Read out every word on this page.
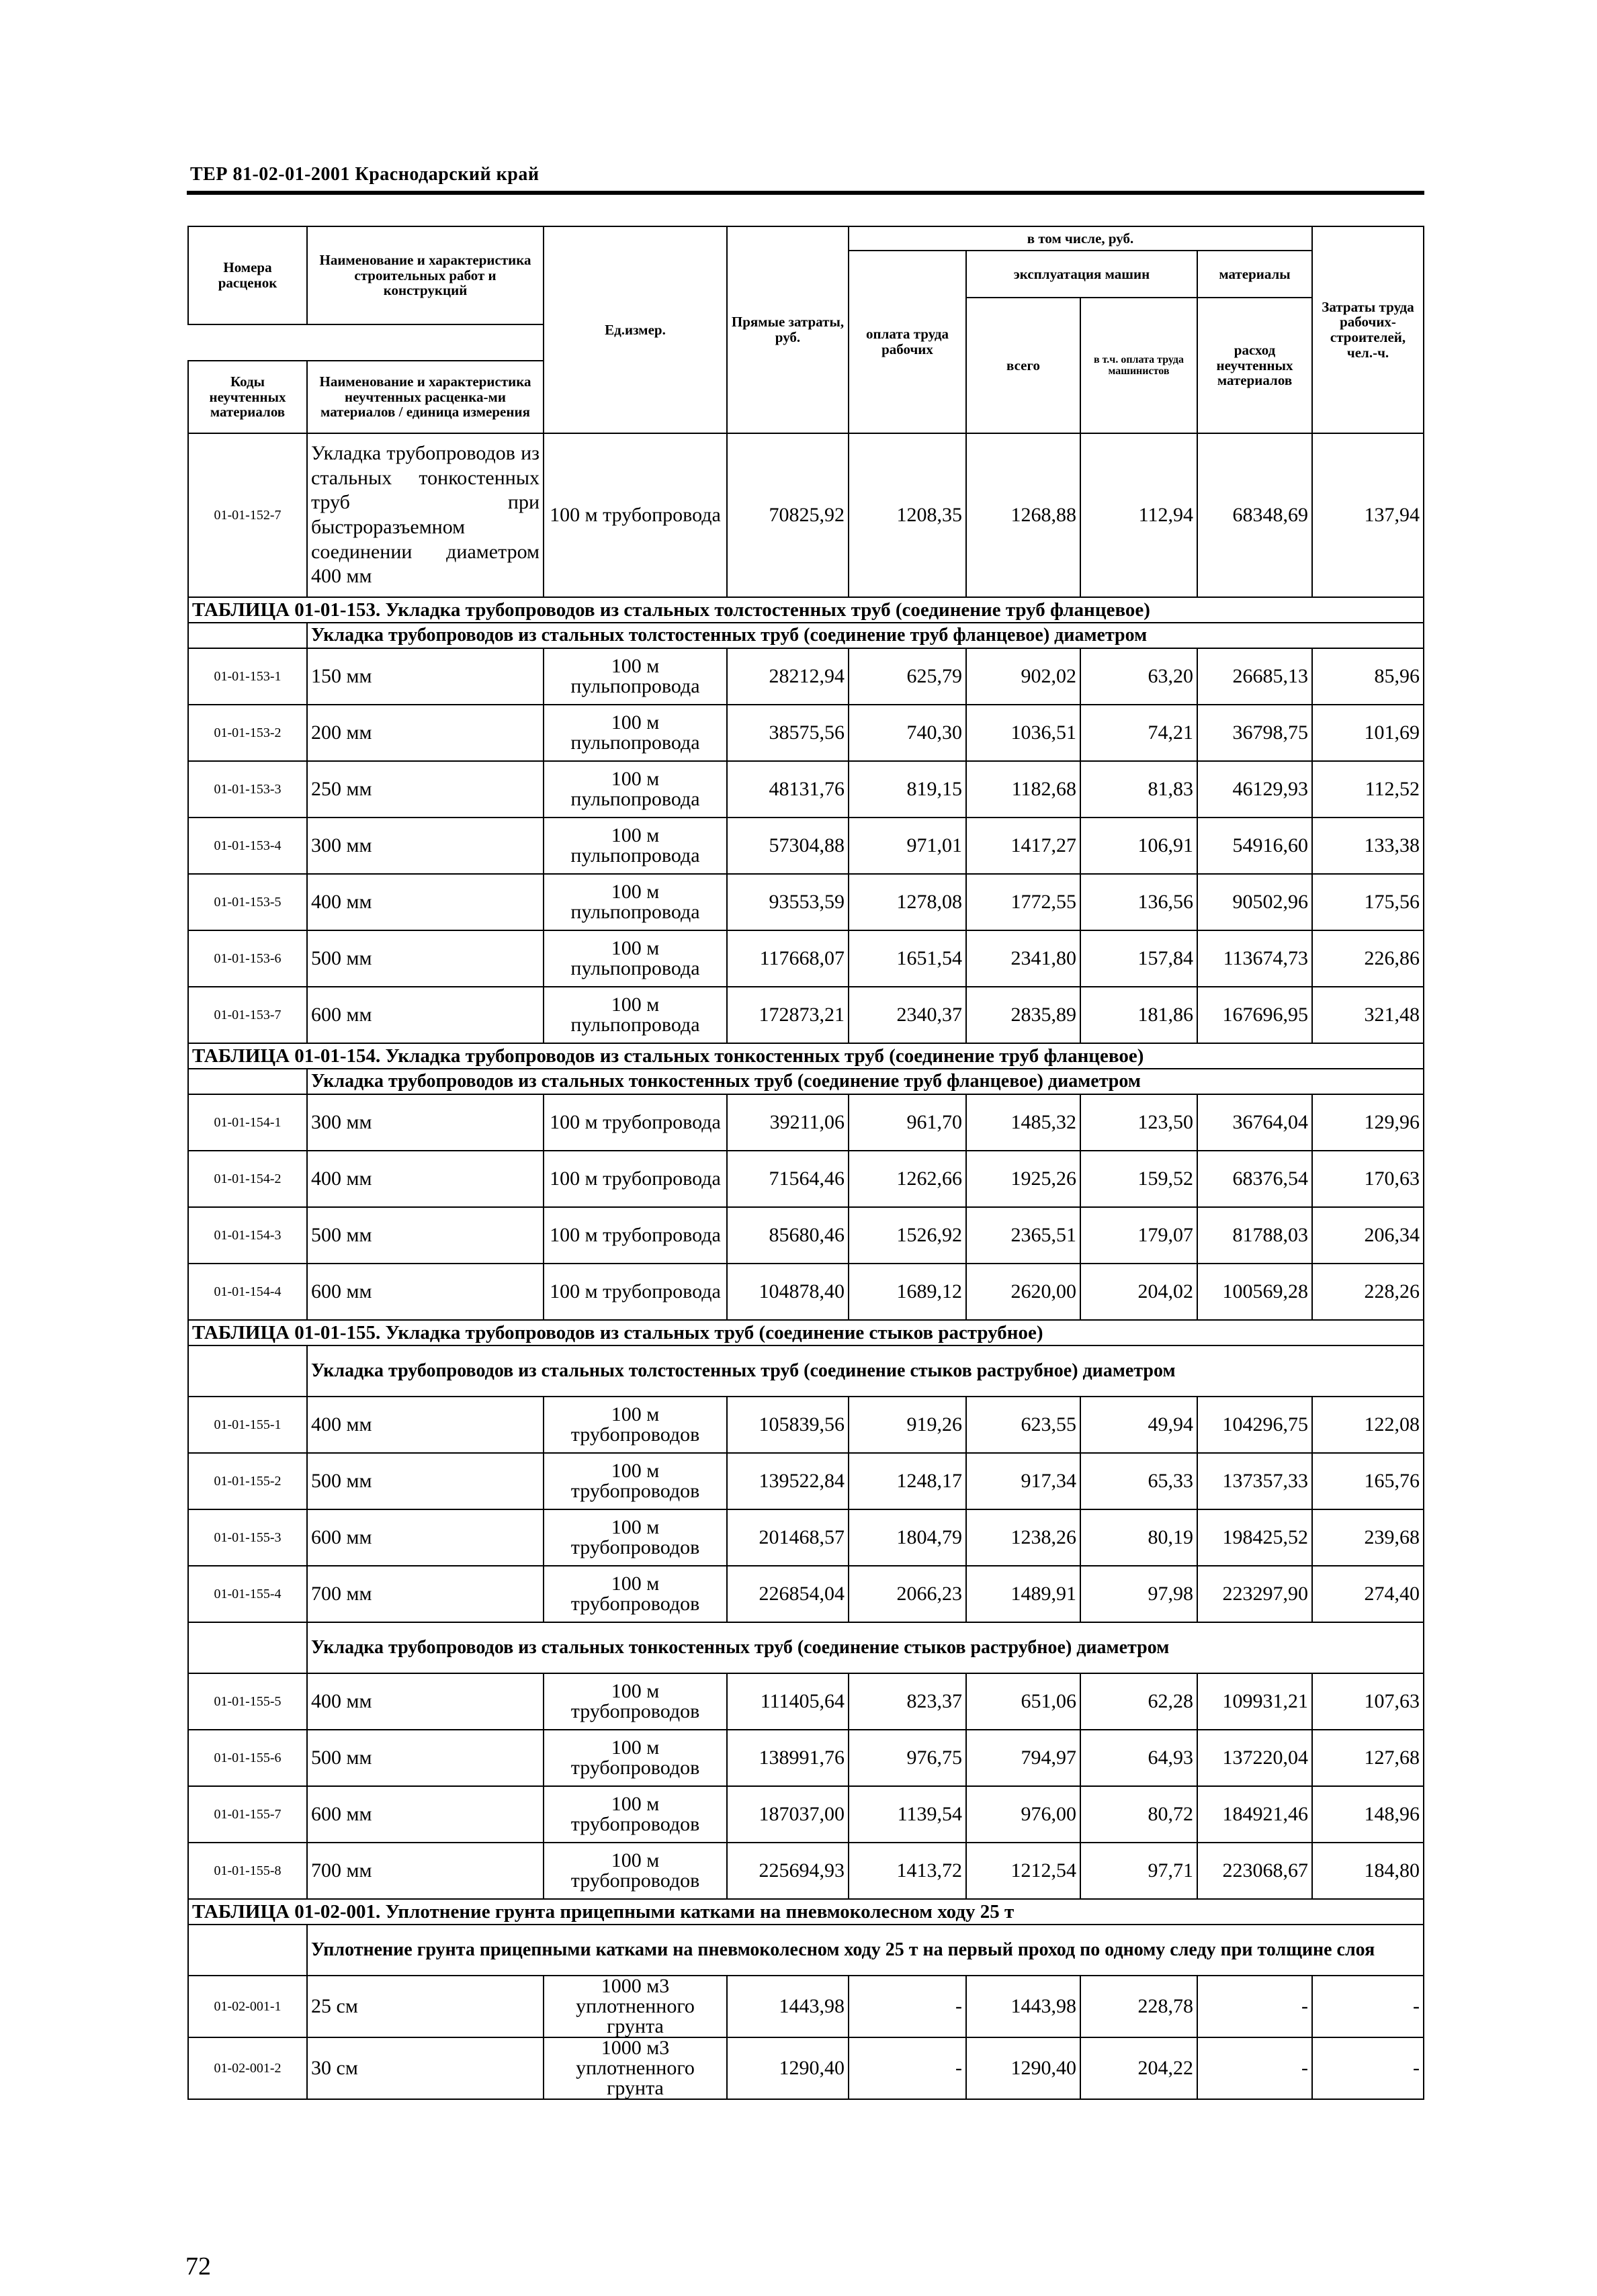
ТЕР 81-02-01-2001 Краснодарский край
Номера расценок	Наименование и характеристика строительных работ и конструкций	Ед.измер.	Прямые затраты, руб.	в том числе, руб.				Затраты труда рабочих-строителей, чел.-ч.
				оплата труда рабочих	эксплуатация машин		материалы	
					всего	в т.ч. оплата труда машинистов	расход неучтенных материалов	

Коды неучтенных материалов	Наименование и характеристика неучтенных расценка-ми материалов / единица измерения							

01-01-152-7	Укладка трубопроводов из стальных тонкостенных труб при быстроразъемном соединении диаметром 400 мм	100 м трубопровода	70825,92	1208,35	1268,88	112,94	68348,69	137,94
ТАБЛИЦА 01-01-153. Укладка трубопроводов из стальных толстостенных труб (соединение труб фланцевое)								
	Укладка трубопроводов из стальных толстостенных труб (соединение труб фланцевое) диаметром							
01-01-153-1	150 мм	100 м пульпопровода	28212,94	625,79	902,02	63,20	26685,13	85,96
01-01-153-2	200 мм	100 м пульпопровода	38575,56	740,30	1036,51	74,21	36798,75	101,69
01-01-153-3	250 мм	100 м пульпопровода	48131,76	819,15	1182,68	81,83	46129,93	112,52
01-01-153-4	300 мм	100 м пульпопровода	57304,88	971,01	1417,27	106,91	54916,60	133,38
01-01-153-5	400 мм	100 м пульпопровода	93553,59	1278,08	1772,55	136,56	90502,96	175,56
01-01-153-6	500 мм	100 м пульпопровода	117668,07	1651,54	2341,80	157,84	113674,73	226,86
01-01-153-7	600 мм	100 м пульпопровода	172873,21	2340,37	2835,89	181,86	167696,95	321,48
ТАБЛИЦА 01-01-154. Укладка трубопроводов из стальных тонкостенных труб (соединение труб фланцевое)								
	Укладка трубопроводов из стальных тонкостенных труб (соединение труб фланцевое) диаметром							
01-01-154-1	300 мм	100 м трубопровода	39211,06	961,70	1485,32	123,50	36764,04	129,96
01-01-154-2	400 мм	100 м трубопровода	71564,46	1262,66	1925,26	159,52	68376,54	170,63
01-01-154-3	500 мм	100 м трубопровода	85680,46	1526,92	2365,51	179,07	81788,03	206,34
01-01-154-4	600 мм	100 м трубопровода	104878,40	1689,12	2620,00	204,02	100569,28	228,26
ТАБЛИЦА 01-01-155. Укладка трубопроводов из стальных труб (соединение стыков раструбное)								
	Укладка трубопроводов из стальных толстостенных труб (соединение стыков раструбное) диаметром							
01-01-155-1	400 мм	100 м трубопроводов	105839,56	919,26	623,55	49,94	104296,75	122,08
01-01-155-2	500 мм	100 м трубопроводов	139522,84	1248,17	917,34	65,33	137357,33	165,76
01-01-155-3	600 мм	100 м трубопроводов	201468,57	1804,79	1238,26	80,19	198425,52	239,68
01-01-155-4	700 мм	100 м трубопроводов	226854,04	2066,23	1489,91	97,98	223297,90	274,40
	Укладка трубопроводов из стальных тонкостенных труб (соединение стыков раструбное) диаметром							
01-01-155-5	400 мм	100 м трубопроводов	111405,64	823,37	651,06	62,28	109931,21	107,63
01-01-155-6	500 мм	100 м трубопроводов	138991,76	976,75	794,97	64,93	137220,04	127,68
01-01-155-7	600 мм	100 м трубопроводов	187037,00	1139,54	976,00	80,72	184921,46	148,96
01-01-155-8	700 мм	100 м трубопроводов	225694,93	1413,72	1212,54	97,71	223068,67	184,80
ТАБЛИЦА 01-02-001. Уплотнение грунта прицепными катками на пневмоколесном ходу 25 т								
	Уплотнение грунта прицепными катками на пневмоколесном ходу 25 т на первый проход по одному следу при толщине слоя							
01-02-001-1	25 см	1000 м3 уплотненного грунта	1443,98	-	1443,98	228,78	-	-
01-02-001-2	30 см	1000 м3 уплотненного грунта	1290,40	-	1290,40	204,22	-	-
72
